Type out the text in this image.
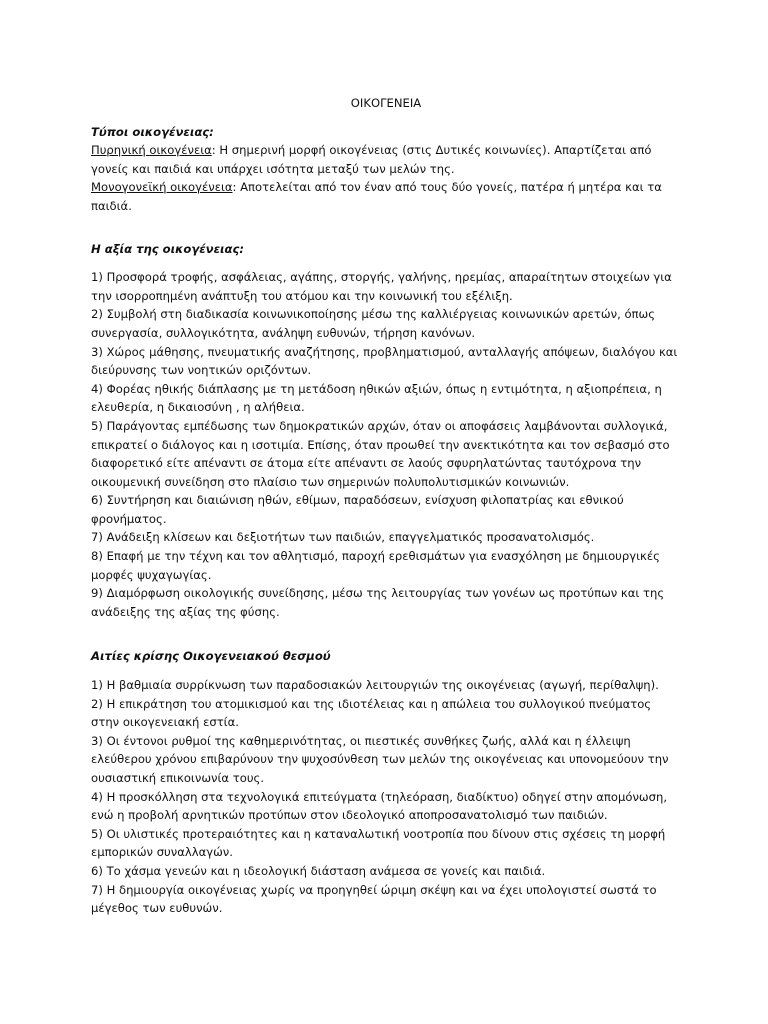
ΟΙΚΟΓΕΝΕΙΑ

Τύποι οικογένειας:

Πυρηνική οικογένεια: Η σημερινή μορφή οικογένειας (στις Δυτικές κοινωνίες). Απαρτίζεται από γονείς και παιδιά και υπάρχει ισότητα μεταξύ των μελών της.

Μονογονεϊκή οικογένεια: Αποτελείται από τον έναν από τους δύο γονείς, πατέρα ή μητέρα και τα παιδιά.

Η αξία της οικογένειας:

1) Προσφορά τροφής, ασφάλειας, αγάπης, στοργής, γαλήνης, ηρεμίας, απαραίτητων στοιχείων για την ισορροπημένη ανάπτυξη του ατόμου και την κοινωνική του εξέλιξη.

2) Συμβολή στη διαδικασία κοινωνικοποίησης μέσω της καλλιέργειας κοινωνικών αρετών, όπως συνεργασία, συλλογικότητα, ανάληψη ευθυνών, τήρηση κανόνων.

3) Χώρος μάθησης, πνευματικής αναζήτησης, προβληματισμού, ανταλλαγής απόψεων, διαλόγου και διεύρυνσης των νοητικών οριζόντων.

4) Φορέας ηθικής διάπλασης με τη μετάδοση ηθικών αξιών, όπως η εντιμότητα, η αξιοπρέπεια, η ελευθερία, η δικαιοσύνη , η αλήθεια.

5) Παράγοντας εμπέδωσης των δημοκρατικών αρχών, όταν οι αποφάσεις λαμβάνονται συλλογικά, επικρατεί ο διάλογος και η ισοτιμία. Επίσης, όταν προωθεί την ανεκτικότητα και τον σεβασμό στο διαφορετικό είτε απέναντι σε άτομα είτε απέναντι σε λαούς σφυρηλατώντας ταυτόχρονα την οικουμενική συνείδηση στο πλαίσιο των σημερινών πολυπολυτισμικών κοινωνιών.

6) Συντήρηση και διαιώνιση ηθών, εθίμων, παραδόσεων, ενίσχυση φιλοπατρίας και εθνικού φρονήματος.

7) Ανάδειξη κλίσεων και δεξιοτήτων των παιδιών, επαγγελματικός προσανατολισμός.

8) Επαφή με την τέχνη και τον αθλητισμό, παροχή ερεθισμάτων για ενασχόληση με δημιουργικές μορφές ψυχαγωγίας.

9) Διαμόρφωση οικολογικής συνείδησης, μέσω της λειτουργίας των γονέων ως προτύπων και της ανάδειξης της αξίας της φύσης.

Αιτίες κρίσης Οικογενειακού θεσμού

1) Η βαθμιαία συρρίκνωση των παραδοσιακών λειτουργιών της οικογένειας (αγωγή, περίθαλψη).

2) Η επικράτηση του ατομικισμού και της ιδιοτέλειας και η απώλεια του συλλογικού πνεύματος στην οικογενειακή εστία.

3) Οι έντονοι ρυθμοί της καθημερινότητας, οι πιεστικές συνθήκες ζωής, αλλά και η έλλειψη ελεύθερου χρόνου επιβαρύνουν την ψυχοσύνθεση των μελών της οικογένειας και υπονομεύουν την ουσιαστική επικοινωνία τους.

4) Η προσκόλληση στα τεχνολογικά επιτεύγματα (τηλεόραση, διαδίκτυο) οδηγεί στην απομόνωση, ενώ η προβολή αρνητικών προτύπων στον ιδεολογικό αποπροσανατολισμό των παιδιών.

5) Οι υλιστικές προτεραιότητες και η καταναλωτική νοοτροπία που δίνουν στις σχέσεις τη μορφή εμπορικών συναλλαγών.

6) Το χάσμα γενεών και η ιδεολογική διάσταση ανάμεσα σε γονείς και παιδιά.

7) Η δημιουργία οικογένειας χωρίς να προηγηθεί ώριμη σκέψη και να έχει υπολογιστεί σωστά το μέγεθος των ευθυνών.
